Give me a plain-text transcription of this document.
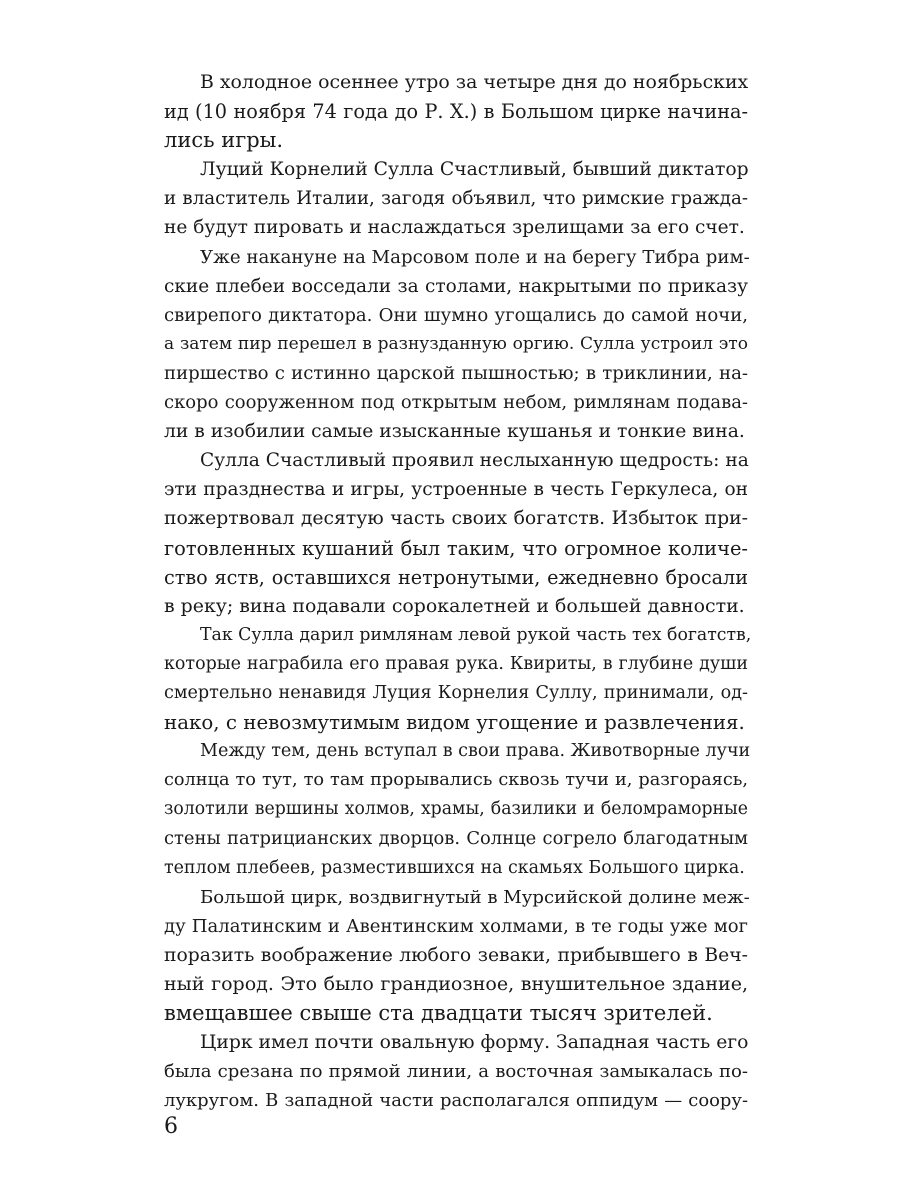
В холодное осеннее утро за четыре дня до ноябрьских
ид (10 ноября 74 года до Р. Х.) в Большом цирке начина-
лись игры.
Луций Корнелий Сулла Счастливый, бывший диктатор
и властитель Италии, загодя объявил, что римские гражда-
не будут пировать и наслаждаться зрелищами за его счет.
Уже накануне на Марсовом поле и на берегу Тибра рим-
ские плебеи восседали за столами, накрытыми по приказу
свирепого диктатора. Они шумно угощались до самой ночи,
а затем пир перешел в разнузданную оргию. Сулла устроил это
пиршество с истинно царской пышностью; в триклинии, на-
скоро сооруженном под открытым небом, римлянам подава-
ли в изобилии самые изысканные кушанья и тонкие вина.
Сулла Счастливый проявил неслыханную щедрость: на
эти празднества и игры, устроенные в честь Геркулеса, он
пожертвовал десятую часть своих богатств. Избыток при-
готовленных кушаний был таким, что огромное количе-
ство яств, оставшихся нетронутыми, ежедневно бросали
в реку; вина подавали сорокалетней и большей давности.
Так Сулла дарил римлянам левой рукой часть тех богатств,
которые награбила его правая рука. Квириты, в глубине души
смертельно ненавидя Луция Корнелия Суллу, принимали, од-
нако, с невозмутимым видом угощение и развлечения.
Между тем, день вступал в свои права. Животворные лучи
солнца то тут, то там прорывались сквозь тучи и, разгораясь,
золотили вершины холмов, храмы, базилики и беломраморные
стены патрицианских дворцов. Солнце согрело благодатным
теплом плебеев, разместившихся на скамьях Большого цирка.
Большой цирк, воздвигнутый в Мурсийской долине меж-
ду Палатинским и Авентинским холмами, в те годы уже мог
поразить воображение любого зеваки, прибывшего в Веч-
ный город. Это было грандиозное, внушительное здание,
вмещавшее свыше ста двадцати тысяч зрителей.
Цирк имел почти овальную форму. Западная часть его
была срезана по прямой линии, а восточная замыкалась по-
лукругом. В западной части располагался оппидум — соору-
6
